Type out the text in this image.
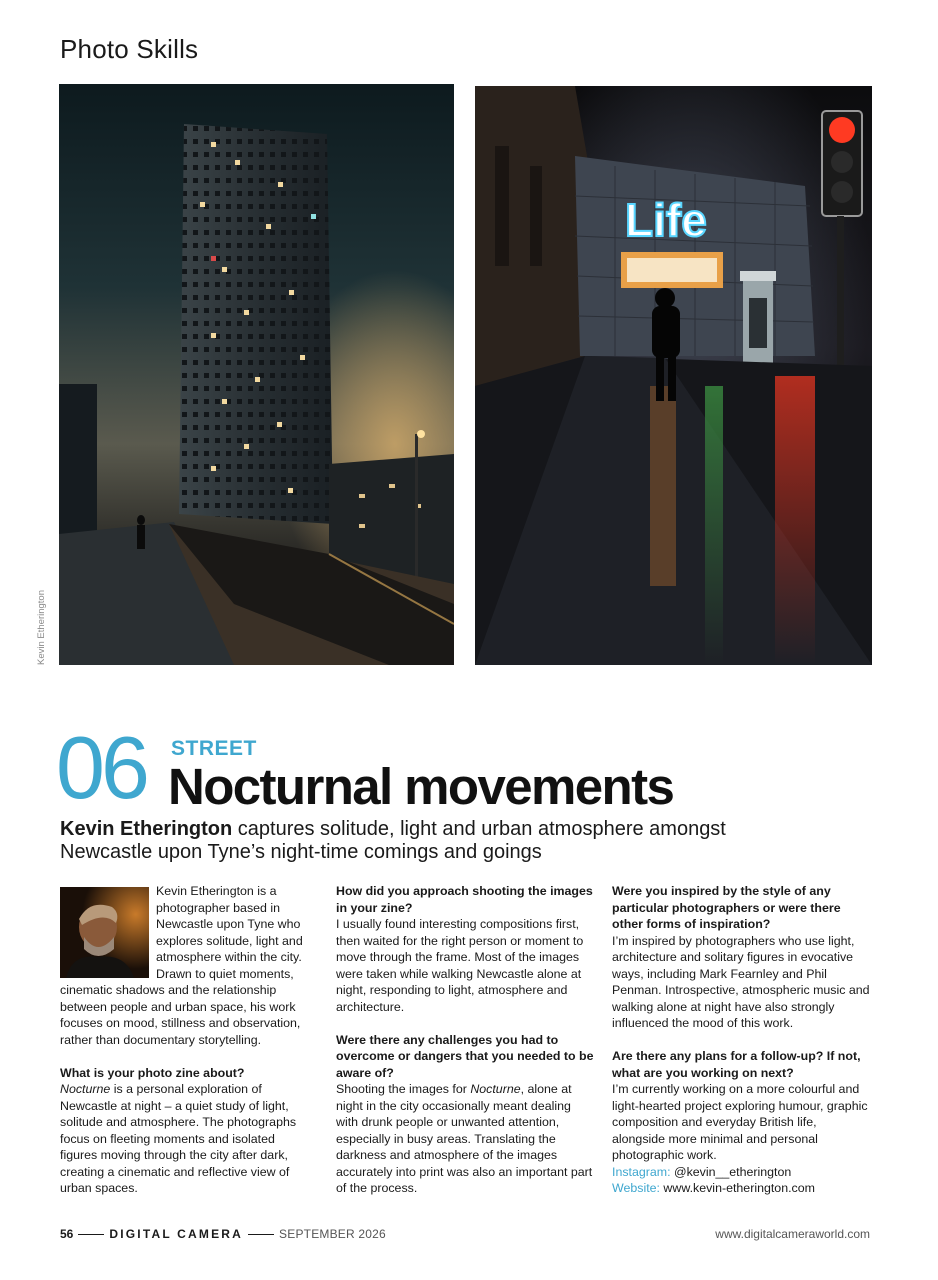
Photo Skills
Kevin Etherington
Life
06 STREET
Nocturnal movements
Kevin Etherington captures solitude, light and urban atmosphere amongst Newcastle upon Tyne’s night-time comings and goings

Kevin Etherington is a photographer based in Newcastle upon Tyne who explores solitude, light and atmosphere within the city. Drawn to quiet moments, cinematic shadows and the relationship between people and urban space, his work focuses on mood, stillness and observation, rather than documentary storytelling.

What is your photo zine about?

Nocturne is a personal exploration of Newcastle at night – a quiet study of light, solitude and atmosphere. The photographs focus on fleeting moments and isolated figures moving through the city after dark, creating a cinematic and reflective view of urban spaces.

How did you approach shooting the images in your zine?

I usually found interesting compositions first, then waited for the right person or moment to move through the frame. Most of the images were taken while walking Newcastle alone at night, responding to light, atmosphere and architecture.

Were there any challenges you had to overcome or dangers that you needed to be aware of?

Shooting the images for Nocturne, alone at night in the city occasionally meant dealing with drunk people or unwanted attention, especially in busy areas. Translating the darkness and atmosphere of the images accurately into print was also an important part of the process.

Were you inspired by the style of any particular photographers or were there other forms of inspiration?

I’m inspired by photographers who use light, architecture and solitary figures in evocative ways, including Mark Fearnley and Phil Penman. Introspective, atmospheric music and walking alone at night have also strongly influenced the mood of this work.

Are there any plans for a follow-up? If not, what are you working on next?

I’m currently working on a more colourful and light-hearted project exploring humour, graphic composition and everyday British life, alongside more minimal and personal photographic work.

Instagram: @kevin__etherington

Website: www.kevin-etherington.com

56	DIGITAL CAMERA	SEPTEMBER 2026	www.digitalcameraworld.com
